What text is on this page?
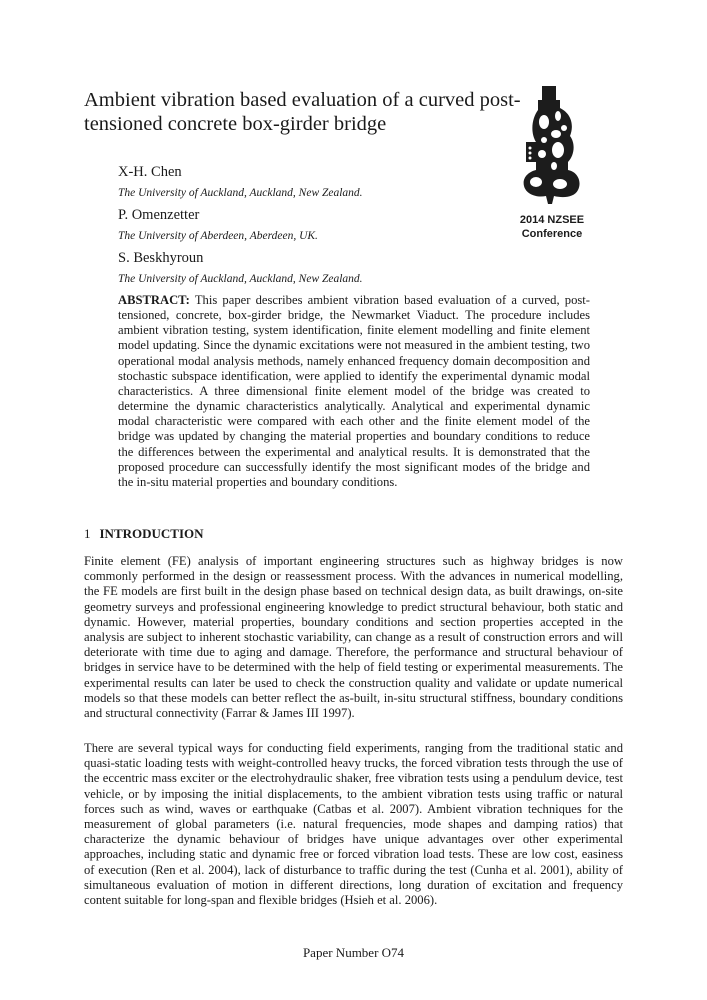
Ambient vibration based evaluation of a curved post-
tensioned concrete box-girder bridge

X-H. Chen

The University of Auckland, Auckland, New Zealand.

P. Omenzetter

The University of Aberdeen, Aberdeen, UK.

S. Beskhyroun

The University of Auckland, Auckland, New Zealand.

2014 NZSEE
Conference

ABSTRACT: This paper describes ambient vibration based evaluation of a curved, post-tensioned, concrete, box-girder bridge, the Newmarket Viaduct. The procedure includes ambient vibration testing, system identification, finite element modelling and finite element model updating. Since the dynamic excitations were not measured in the ambient testing, two operational modal analysis methods, namely enhanced frequency domain decomposition and stochastic subspace identification, were applied to identify the experimental dynamic modal characteristics. A three dimensional finite element model of the bridge was created to determine the dynamic characteristics analytically. Analytical and experimental dynamic modal characteristic were compared with each other and the finite element model of the bridge was updated by changing the material properties and boundary conditions to reduce the differences between the experimental and analytical results. It is demonstrated that the proposed procedure can successfully identify the most significant modes of the bridge and the in-situ material properties and boundary conditions.

1 INTRODUCTION

Finite element (FE) analysis of important engineering structures such as highway bridges is now commonly performed in the design or reassessment process. With the advances in numerical modelling, the FE models are first built in the design phase based on technical design data, as built drawings, on-site geometry surveys and professional engineering knowledge to predict structural behaviour, both static and dynamic. However, material properties, boundary conditions and section properties accepted in the analysis are subject to inherent stochastic variability, can change as a result of construction errors and will deteriorate with time due to aging and damage. Therefore, the performance and structural behaviour of bridges in service have to be determined with the help of field testing or experimental measurements. The experimental results can later be used to check the construction quality and validate or update numerical models so that these models can better reflect the as-built, in-situ structural stiffness, boundary conditions and structural connectivity (Farrar & James III 1997).

There are several typical ways for conducting field experiments, ranging from the traditional static and quasi-static loading tests with weight-controlled heavy trucks, the forced vibration tests through the use of the eccentric mass exciter or the electrohydraulic shaker, free vibration tests using a pendulum device, test vehicle, or by imposing the initial displacements, to the ambient vibration tests using traffic or natural forces such as wind, waves or earthquake (Catbas et al. 2007). Ambient vibration techniques for the measurement of global parameters (i.e. natural frequencies, mode shapes and damping ratios) that characterize the dynamic behaviour of bridges have unique advantages over other experimental approaches, including static and dynamic free or forced vibration load tests. These are low cost, easiness of execution (Ren et al. 2004), lack of disturbance to traffic during the test (Cunha et al. 2001), ability of simultaneous evaluation of motion in different directions, long duration of excitation and frequency content suitable for long-span and flexible bridges (Hsieh et al. 2006).

Paper Number O74
